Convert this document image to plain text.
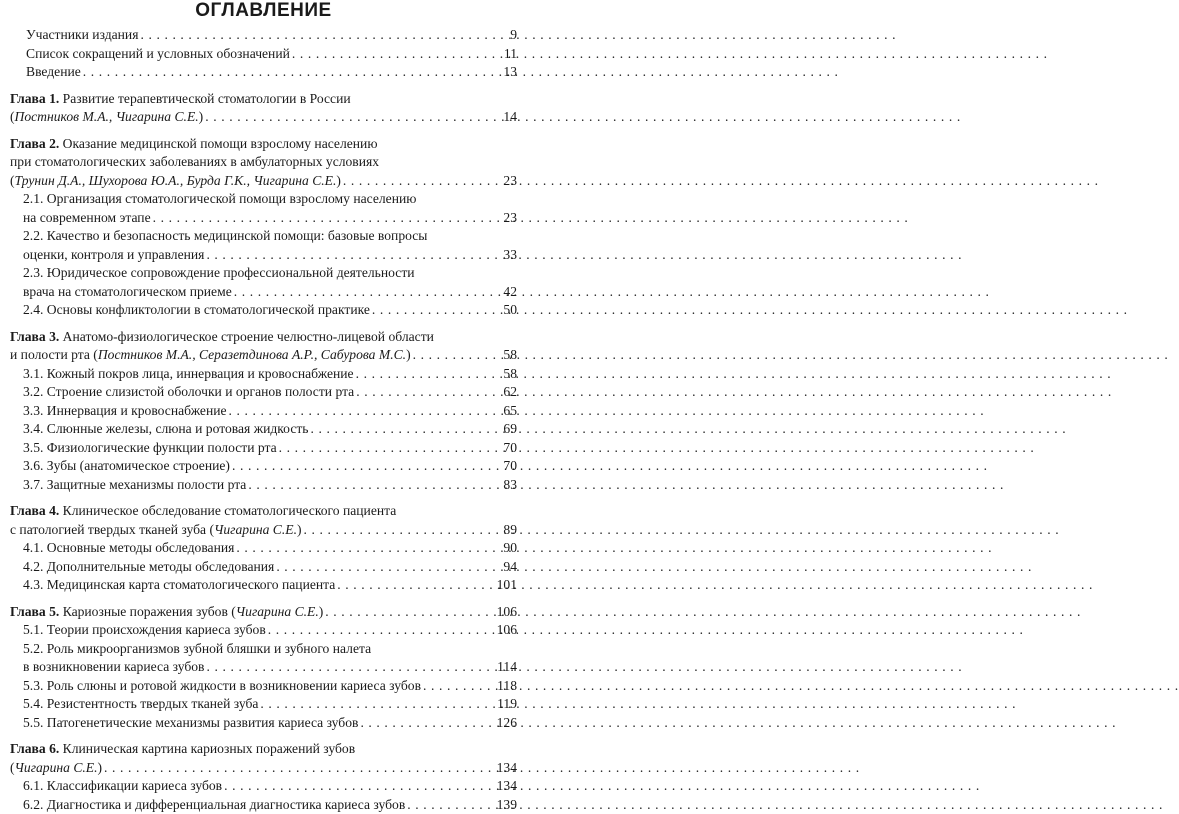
ОГЛАВЛЕНИЕ
Участники издания . . .	9
Список сокращений и условных обозначений . . .	11
Введение . . .	13
Глава 1. Развитие терапевтической стоматологии в России
(Постников М.А., Чигарина С.Е.) . . .	14
Глава 2. Оказание медицинской помощи взрослому населению
при стоматологических заболеваниях в амбулаторных условиях
(Трунин Д.А., Шухорова Ю.А., Бурда Г.К., Чигарина С.Е.) . . .	23
2.1. Организация стоматологической помощи взрослому населению
на современном этапе . . .	23
2.2. Качество и безопасность медицинской помощи: базовые вопросы
оценки, контроля и управления . . .	33
2.3. Юридическое сопровождение профессиональной деятельности
врача на стоматологическом приеме . . .	42
2.4. Основы конфликтологии в стоматологической практике . . .	50
Глава 3. Анатомо-физиологическое строение челюстно-лицевой области
и полости рта (Постников М.А., Серазетдинова А.Р., Сабурова М.С.) . . .	58
3.1. Кожный покров лица, иннервация и кровоснабжение . . .	58
3.2. Строение слизистой оболочки и органов полости рта . . .	62
3.3. Иннервация и кровоснабжение . . .	65
3.4. Слюнные железы, слюна и ротовая жидкость . . .	69
3.5. Физиологические функции полости рта . . .	70
3.6. Зубы (анатомическое строение) . . .	70
3.7. Защитные механизмы полости рта . . .	83
Глава 4. Клиническое обследование стоматологического пациента
с патологией твердых тканей зуба (Чигарина С.Е.) . . .	89
4.1. Основные методы обследования . . .	90
4.2. Дополнительные методы обследования . . .	94
4.3. Медицинская карта стоматологического пациента . . .	101
Глава 5. Кариозные поражения зубов (Чигарина С.Е.) . . .	106
5.1. Теории происхождения кариеса зубов . . .	106
5.2. Роль микроорганизмов зубной бляшки и зубного налета
в возникновении кариеса зубов . . .	114
5.3. Роль слюны и ротовой жидкости в возникновении кариеса зубов . . .	118
5.4. Резистентность твердых тканей зуба . . .	119
5.5. Патогенетические механизмы развития кариеса зубов . . .	126
Глава 6. Клиническая картина кариозных поражений зубов
(Чигарина С.Е.) . . .	134
6.1. Классификации кариеса зубов . . .	134
6.2. Диагностика и дифференциальная диагностика кариеса зубов . . .	139
